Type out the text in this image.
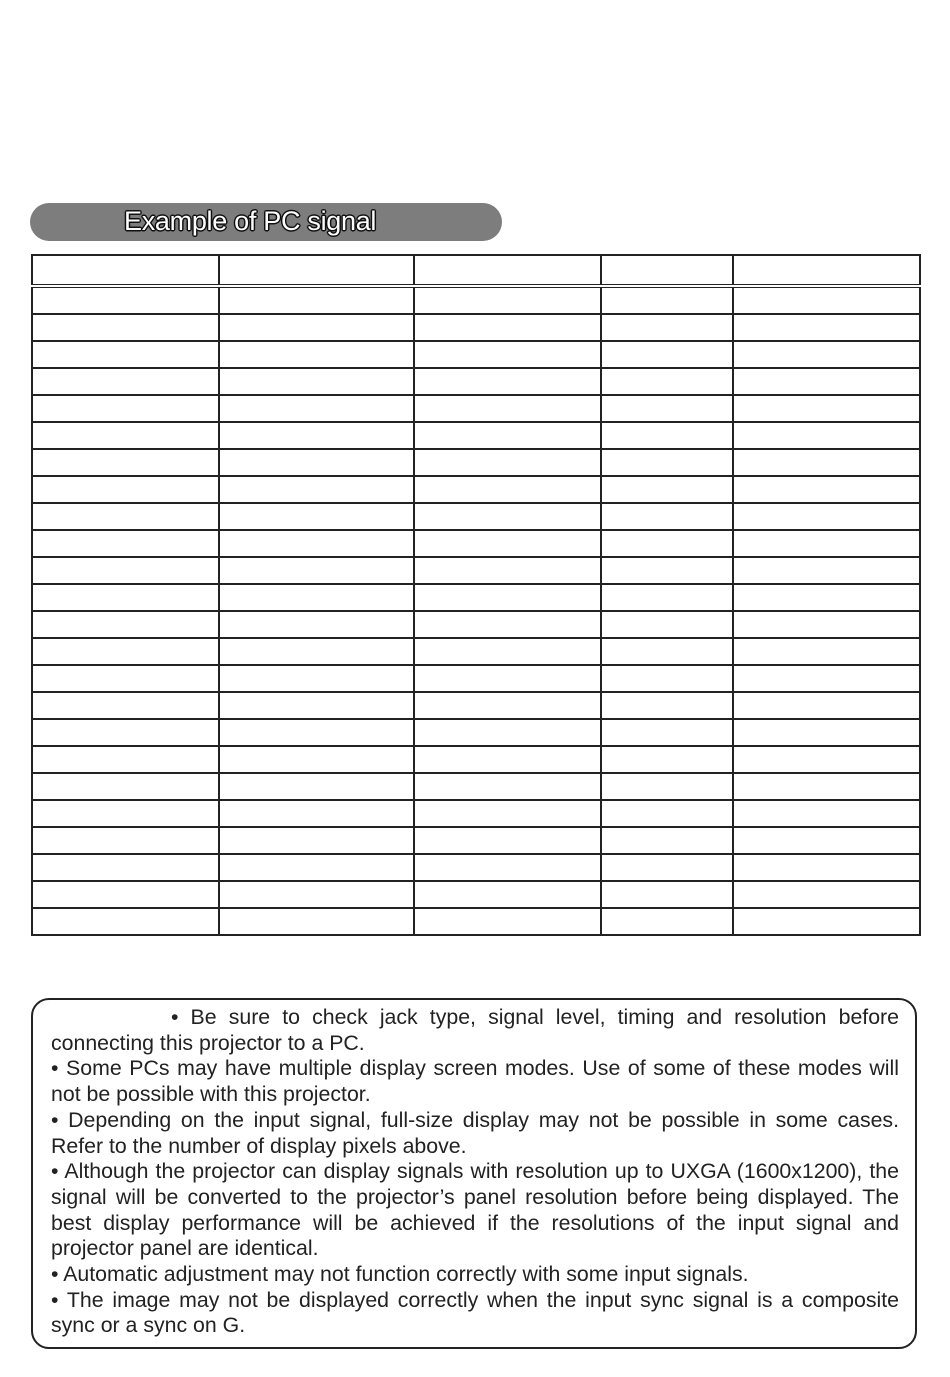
Example of PC signal

• Be sure to check jack type, signal level, timing and resolution before connecting this projector to a PC.

• Some PCs may have multiple display screen modes. Use of some of these modes will not be possible with this projector.

• Depending on the input signal, full-size display may not be possible in some cases. Refer to the number of display pixels above.

• Although the projector can display signals with resolution up to UXGA (1600x1200), the signal will be converted to the projector’s panel resolution before being displayed. The best display performance will be achieved if the resolutions of the input signal and projector panel are identical.

• Automatic adjustment may not function correctly with some input signals.

• The image may not be displayed correctly when the input sync signal is a composite sync or a sync on G.
